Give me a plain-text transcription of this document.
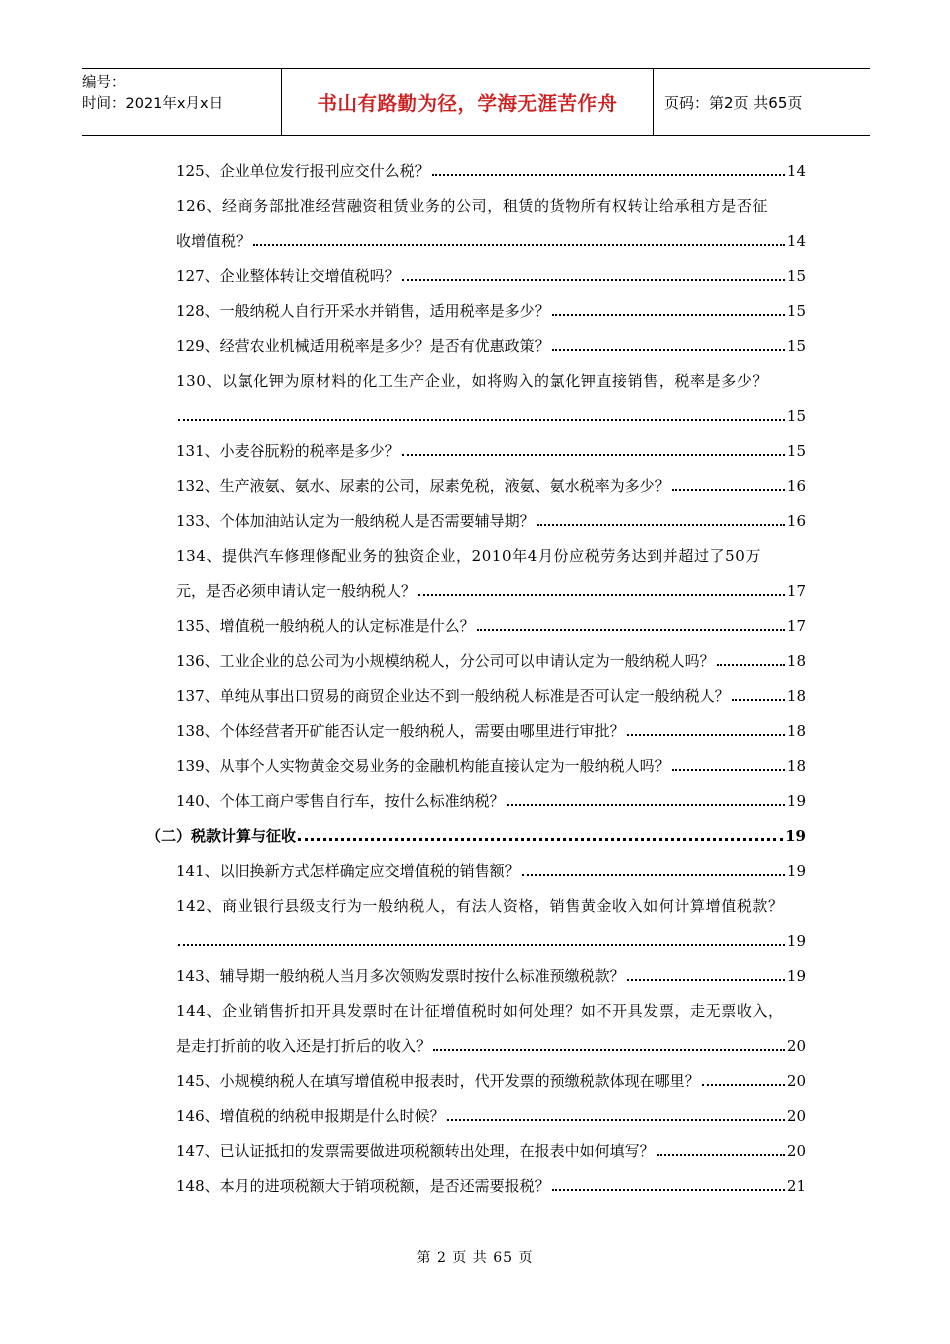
编号：
时间：2021年x月x日	书山有路勤为径，学海无涯苦作舟	页码：第2页 共65页
125、企业单位发行报刊应交什么税？	14
126、经商务部批准经营融资租赁业务的公司，租赁的货物所有权转让给承租方是否征
收增值税？	14
127、企业整体转让交增值税吗？	15
128、一般纳税人自行开采水并销售，适用税率是多少？	15
129、经营农业机械适用税率是多少？是否有优惠政策？	15
130、以氯化钾为原材料的化工生产企业，如将购入的氯化钾直接销售，税率是多少？
15
131、小麦谷朊粉的税率是多少？	15
132、生产液氨、氨水、尿素的公司，尿素免税，液氨、氨水税率为多少？	16
133、个体加油站认定为一般纳税人是否需要辅导期？	16
134、提供汽车修理修配业务的独资企业，2010年4月份应税劳务达到并超过了50万
元，是否必须申请认定一般纳税人？	17
135、增值税一般纳税人的认定标准是什么？	17
136、工业企业的总公司为小规模纳税人，分公司可以申请认定为一般纳税人吗？	18
137、单纯从事出口贸易的商贸企业达不到一般纳税人标准是否可认定一般纳税人？	18
138、个体经营者开矿能否认定一般纳税人，需要由哪里进行审批？	18
139、从事个人实物黄金交易业务的金融机构能直接认定为一般纳税人吗？	18
140、个体工商户零售自行车，按什么标准纳税？	19
（二）税款计算与征收	19
141、以旧换新方式怎样确定应交增值税的销售额？	19
142、商业银行县级支行为一般纳税人，有法人资格，销售黄金收入如何计算增值税款？
19
143、辅导期一般纳税人当月多次领购发票时按什么标准预缴税款？	19
144、企业销售折扣开具发票时在计征增值税时如何处理？如不开具发票，走无票收入，
是走打折前的收入还是打折后的收入？	20
145、小规模纳税人在填写增值税申报表时，代开发票的预缴税款体现在哪里？	20
146、增值税的纳税申报期是什么时候？	20
147、已认证抵扣的发票需要做进项税额转出处理，在报表中如何填写？	20
148、本月的进项税额大于销项税额，是否还需要报税？	21
第 2 页 共 65 页
